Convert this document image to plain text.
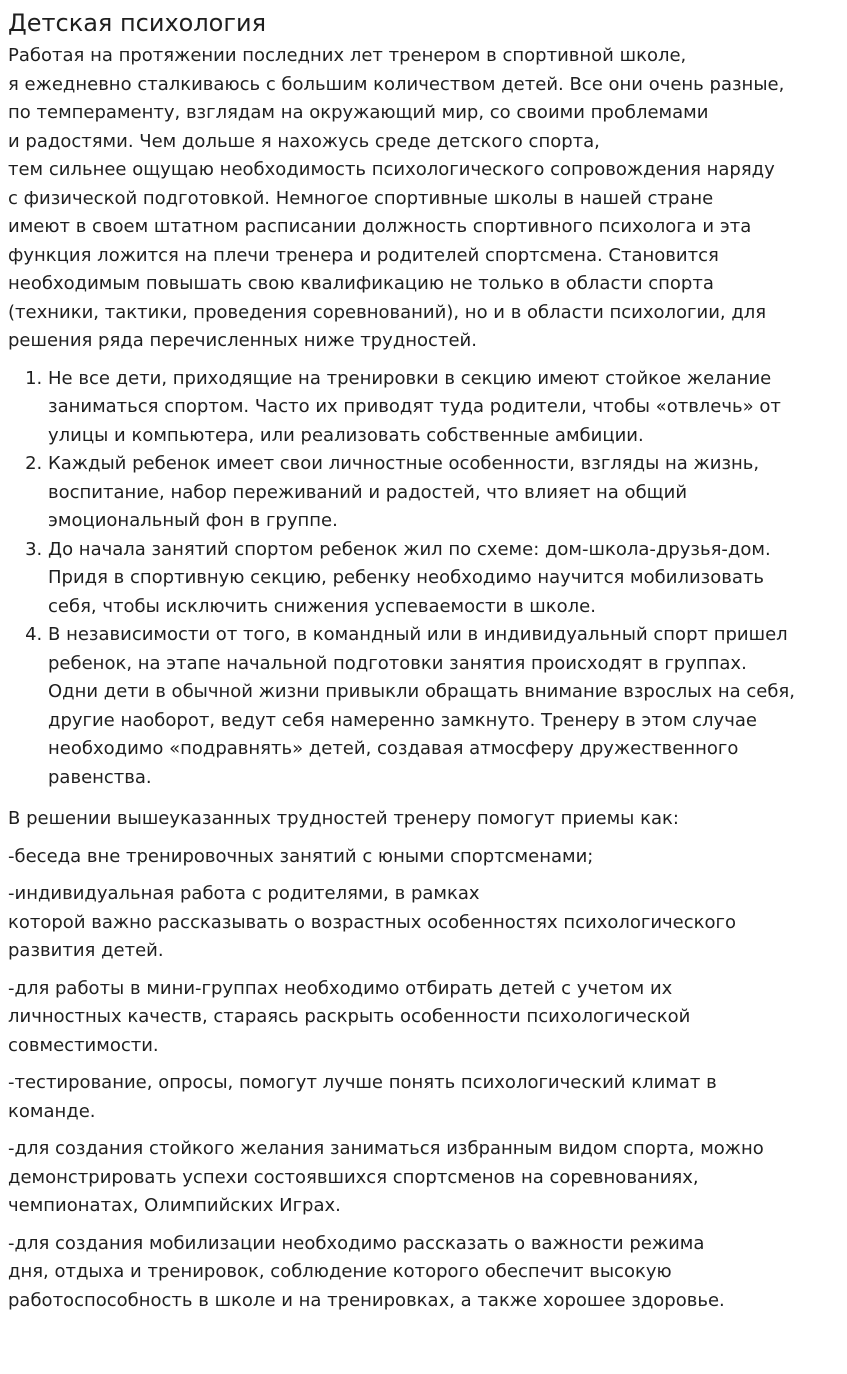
Детская психология

Работая на протяжении последних лет тренером в спортивной школе,
я ежедневно сталкиваюсь с большим количеством детей. Все они очень разные,
по темпераменту, взглядам на окружающий мир, со своими проблемами
и радостями. Чем дольше я нахожусь среде детского спорта,
тем сильнее ощущаю необходимость психологического сопровождения наряду
с физической подготовкой. Немногое спортивные школы в нашей стране
имеют в своем штатном расписании должность спортивного психолога и эта
функция ложится на плечи тренера и родителей спортсмена. Становится
необходимым повышать свою квалификацию не только в области спорта
(техники, тактики, проведения соревнований), но и в области психологии, для
решения ряда перечисленных ниже трудностей.

1. Не все дети, приходящие на тренировки в секцию имеют стойкое желание
заниматься спортом. Часто их приводят туда родители, чтобы «отвлечь» от
улицы и компьютера, или реализовать собственные амбиции.
2. Каждый ребенок имеет свои личностные особенности, взгляды на жизнь,
воспитание, набор переживаний и радостей, что влияет на общий
эмоциональный фон в группе.
3. До начала занятий спортом ребенок жил по схеме: дом-школа-друзья-дом.
Придя в спортивную секцию, ребенку необходимо научится мобилизовать
себя, чтобы исключить снижения успеваемости в школе.
4. В независимости от того, в командный или в индивидуальный спорт пришел
ребенок, на этапе начальной подготовки занятия происходят в группах.
Одни дети в обычной жизни привыкли обращать внимание взрослых на себя,
другие наоборот, ведут себя намеренно замкнуто. Тренеру в этом случае
необходимо «подравнять» детей, создавая атмосферу дружественного
равенства.

В решении вышеуказанных трудностей тренеру помогут приемы как:

-беседа вне тренировочных занятий с юными спортсменами;

-индивидуальная работа с родителями, в рамках
которой важно рассказывать о возрастных особенностях психологического
развития детей.

-для работы в мини-группах необходимо отбирать детей с учетом их
личностных качеств, стараясь раскрыть особенности психологической
совместимости.

-тестирование, опросы, помогут лучше понять психологический климат в
команде.

-для создания стойкого желания заниматься избранным видом спорта, можно
демонстрировать успехи состоявшихся спортсменов на соревнованиях,
чемпионатах, Олимпийских Играх.

-для создания мобилизации необходимо рассказать о важности режима
дня, отдыха и тренировок, соблюдение которого обеспечит высокую
работоспособность в школе и на тренировках, а также хорошее здоровье.
